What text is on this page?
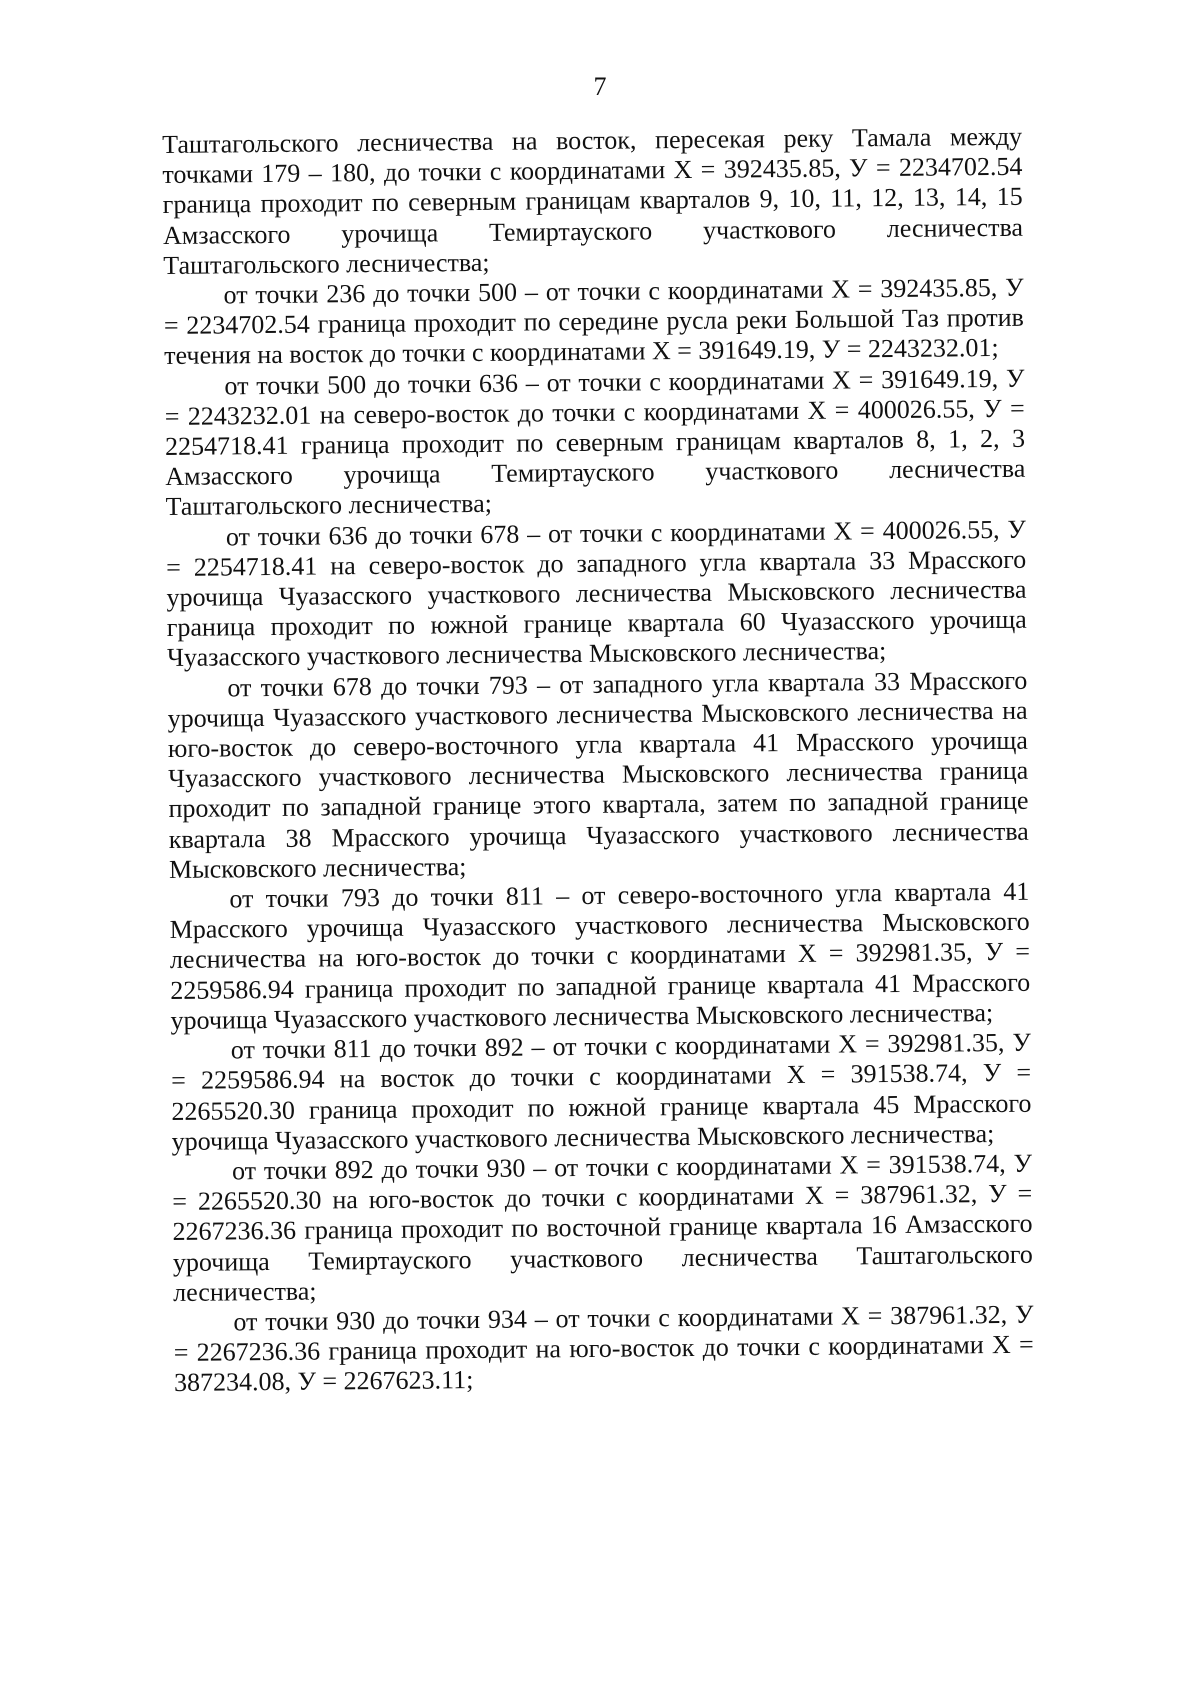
7

Таштагольского лесничества на восток, пересекая реку Тамала между точками 179 – 180, до точки с координатами Х = 392435.85, У = 2234702.54 граница проходит по северным границам кварталов 9, 10, 11, 12, 13, 14, 15 Амзасского урочища Темиртауского участкового лесничества Таштагольского лесничества;

от точки 236 до точки 500 – от точки с координатами Х = 392435.85, У = 2234702.54 граница проходит по середине русла реки Большой Таз против течения на восток до точки с координатами Х = 391649.19, У = 2243232.01;

от точки 500 до точки 636 – от точки с координатами Х = 391649.19, У = 2243232.01 на северо-восток до точки с координатами Х = 400026.55, У = 2254718.41 граница проходит по северным границам кварталов 8, 1, 2, 3 Амзасского урочища Темиртауского участкового лесничества Таштагольского лесничества;

от точки 636 до точки 678 – от точки с координатами Х = 400026.55, У = 2254718.41 на северо-восток до западного угла квартала 33 Мрасского урочища Чуазасского участкового лесничества Мысковского лесничества граница проходит по южной границе квартала 60 Чуазасского урочища Чуазасского участкового лесничества Мысковского лесничества;

от точки 678 до точки 793 – от западного угла квартала 33 Мрасского урочища Чуазасского участкового лесничества Мысковского лесничества на юго-восток до северо-восточного угла квартала 41 Мрасского урочища Чуазасского участкового лесничества Мысковского лесничества граница проходит по западной границе этого квартала, затем по западной границе квартала 38 Мрасского урочища Чуазасского участкового лесничества Мысковского лесничества;

от точки 793 до точки 811 – от северо-восточного угла квартала 41 Мрасского урочища Чуазасского участкового лесничества Мысковского лесничества на юго-восток до точки с координатами Х = 392981.35, У = 2259586.94 граница проходит по западной границе квартала 41 Мрасского урочища Чуазасского участкового лесничества Мысковского лесничества;

от точки 811 до точки 892 – от точки с координатами Х = 392981.35, У = 2259586.94 на восток до точки с координатами Х = 391538.74, У = 2265520.30 граница проходит по южной границе квартала 45 Мрасского урочища Чуазасского участкового лесничества Мысковского лесничества;

от точки 892 до точки 930 – от точки с координатами Х = 391538.74, У = 2265520.30 на юго-восток до точки с координатами Х = 387961.32, У = 2267236.36 граница проходит по восточной границе квартала 16 Амзасского урочища Темиртауского участкового лесничества Таштагольского лесничества;

от точки 930 до точки 934 – от точки с координатами Х = 387961.32, У = 2267236.36 граница проходит на юго-восток до точки с координатами Х = 387234.08, У = 2267623.11;
